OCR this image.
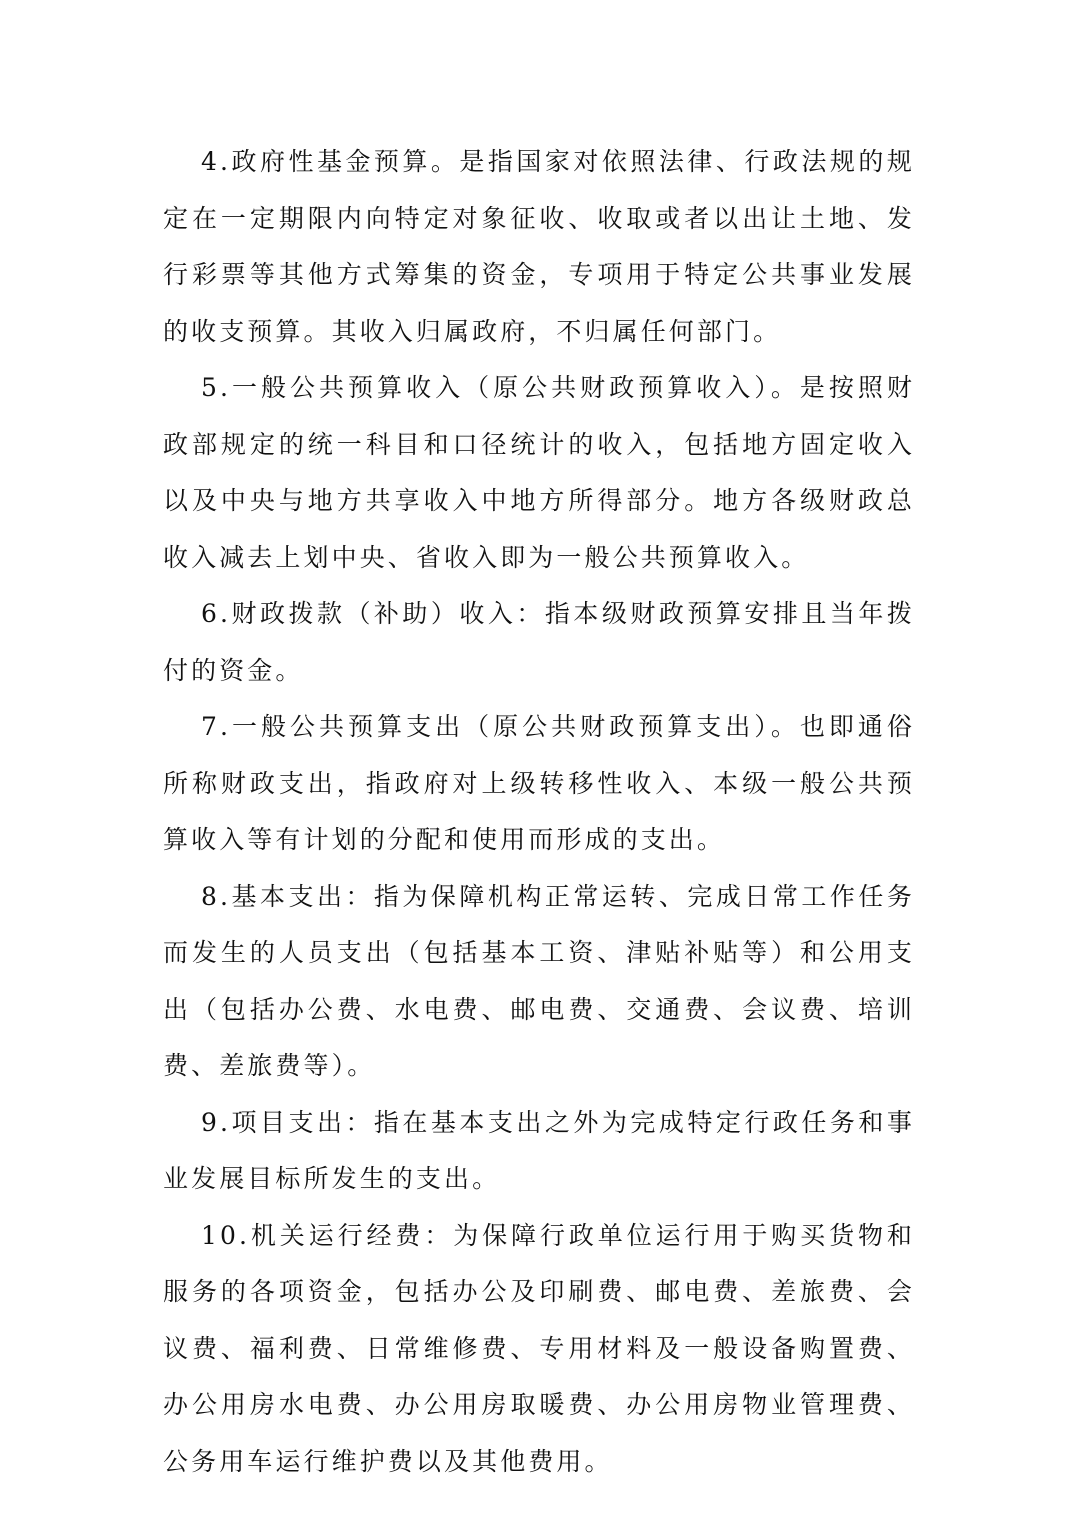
4.政府性基金预算。是指国家对依照法律、行政法规的规定在一定期限内向特定对象征收、收取或者以出让土地、发行彩票等其他方式筹集的资金，专项用于特定公共事业发展的收支预算。其收入归属政府，不归属任何部门。

5.一般公共预算收入（原公共财政预算收入）。是按照财政部规定的统一科目和口径统计的收入，包括地方固定收入以及中央与地方共享收入中地方所得部分。地方各级财政总收入减去上划中央、省收入即为一般公共预算收入。

6.财政拨款（补助）收入：指本级财政预算安排且当年拨付的资金。

7.一般公共预算支出（原公共财政预算支出）。也即通俗所称财政支出，指政府对上级转移性收入、本级一般公共预算收入等有计划的分配和使用而形成的支出。

8.基本支出：指为保障机构正常运转、完成日常工作任务而发生的人员支出（包括基本工资、津贴补贴等）和公用支出（包括办公费、水电费、邮电费、交通费、会议费、培训费、差旅费等）。

9.项目支出：指在基本支出之外为完成特定行政任务和事业发展目标所发生的支出。

10.机关运行经费：为保障行政单位运行用于购买货物和服务的各项资金，包括办公及印刷费、邮电费、差旅费、会议费、福利费、日常维修费、专用材料及一般设备购置费、办公用房水电费、办公用房取暖费、办公用房物业管理费、公务用车运行维护费以及其他费用。
